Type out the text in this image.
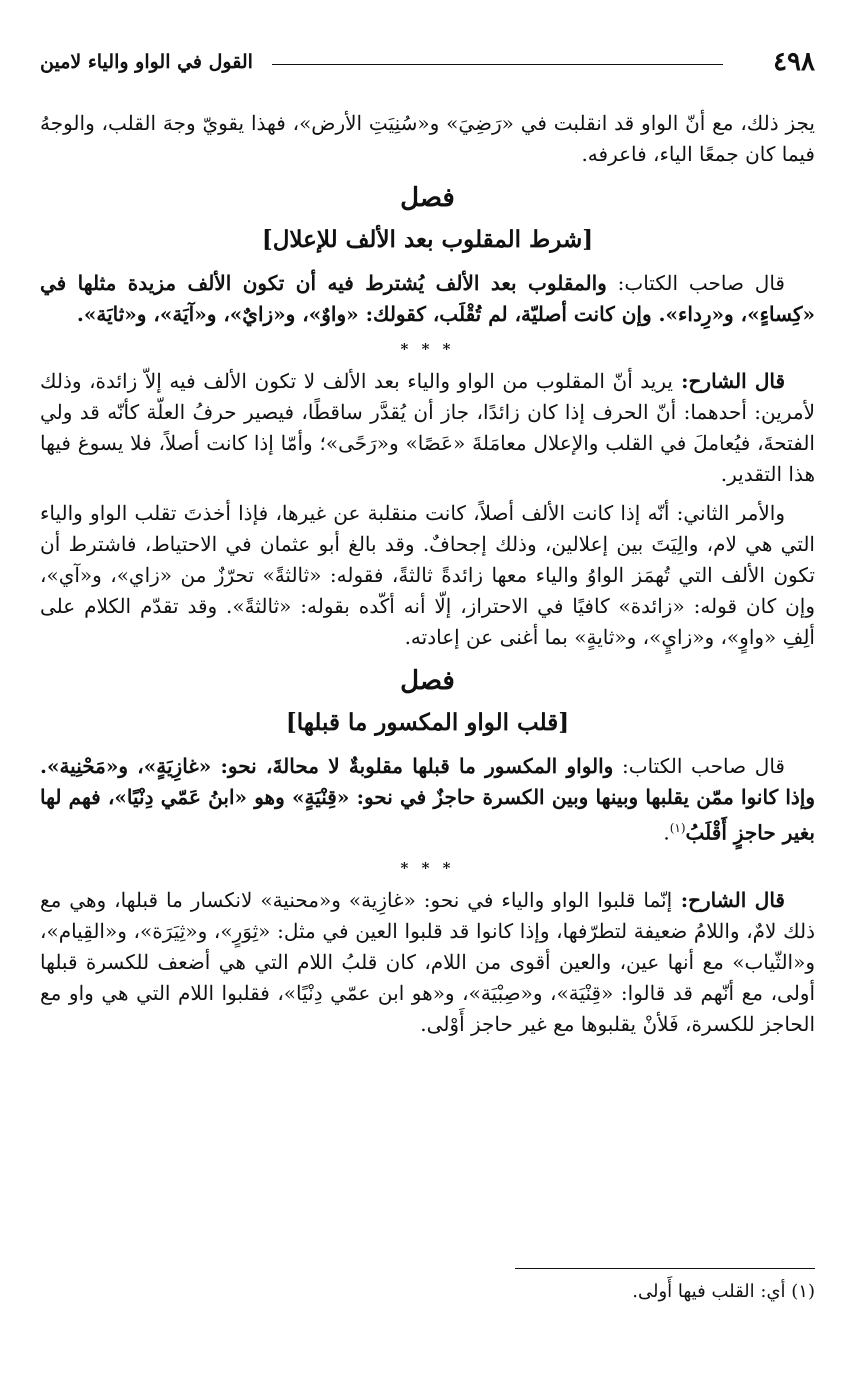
٤٩٨
القول في الواو والياء لامين

يجز ذلك، مع أنّ الواو قد انقلبت في «رَضِيَ» و«سُنِيَتِ الأرض»، فهذا يقويّ وجهَ القلب، والوجهُ فيما كان جمعًا الياء، فاعرفه.

فصل
[شرط المقلوب بعد الألف للإعلال]

قال صاحب الكتاب: والمقلوب بعد الألف يُشترط فيه أن تكون الألف مزيدة مثلها في «كِساءٍ»، و«رِداء». وإن كانت أصليّة، لم تُقْلَب، كقولك: «واوٌ»، و«زايٌ»، و«آيَة»، و«ثايَة».

* * *

قال الشارح: يريد أنّ المقلوب من الواو والياء بعد الألف لا تكون الألف فيه إلاّ زائدة، وذلك لأمرين: أحدهما: أنّ الحرف إذا كان زائدًا، جاز أن يُقدَّر ساقطًا، فيصير حرفُ العلّة كأنّه قد ولي الفتحةَ، فيُعاملَ في القلب والإعلال معامَلةَ «عَصًا» و«رَحًى»؛ وأمّا إذا كانت أصلاً، فلا يسوغ فيها هذا التقدير.

والأمر الثاني: أنّه إذا كانت الألف أصلاً، كانت منقلبة عن غيرها، فإذا أخذتَ تقلب الواو والياء التي هي لام، والِيَتَ بين إعلالين، وذلك إجحافٌ. وقد بالغ أبو عثمان في الاحتياط، فاشترط أن تكون الألف التي تُهمَز الواوُ والياء معها زائدةً ثالثةً، فقوله: «ثالثةً» تحرّزٌ من «زاي»، و«آي»، وإن كان قوله: «زائدة» كافيًا في الاحتراز، إلّا أنه أكّده بقوله: «ثالثةً». وقد تقدّم الكلام على ألِفِ «واوٍ»، و«زايٍ»، و«ثايةٍ» بما أغنى عن إعادته.

فصل
[قلب الواو المكسور ما قبلها]

قال صاحب الكتاب: والواو المكسور ما قبلها مقلوبةٌ لا محالةَ، نحو: «غازِيَةٍ»، و«مَحْنِية». وإذا كانوا ممّن يقلبها وبينها وبين الكسرة حاجزٌ في نحو: «قِنْيَةٍ» وهو «ابنُ عَمّي دِنْيًا»، فهم لها بغير حاجزٍ أَقْلَبُ$^{(١)}$.

* * *

قال الشارح: إنّما قلبوا الواو والياء في نحو: «غازِية» و«محنية» لانكسار ما قبلها، وهي مع ذلك لامٌ، واللامُ ضعيفة لتطرّفها، وإذا كانوا قد قلبوا العين في مثل: «ثِوَرٍ»، و«ثِيَرَة»، و«القِيام»، و«الثّياب» مع أنها عين، والعين أقوى من اللام، كان قلبُ اللام التي هي أضعف للكسرة قبلها أولى، مع أنّهم قد قالوا: «قِنْيَة»، و«صِبْيَة»، و«هو ابن عمّي دِنْيًا»، فقلبوا اللام التي هي واو مع الحاجز للكسرة، فَلأنْ يقلبوها مع غير حاجز أَوْلى.

(١) أي: القلب فيها أَولى.
